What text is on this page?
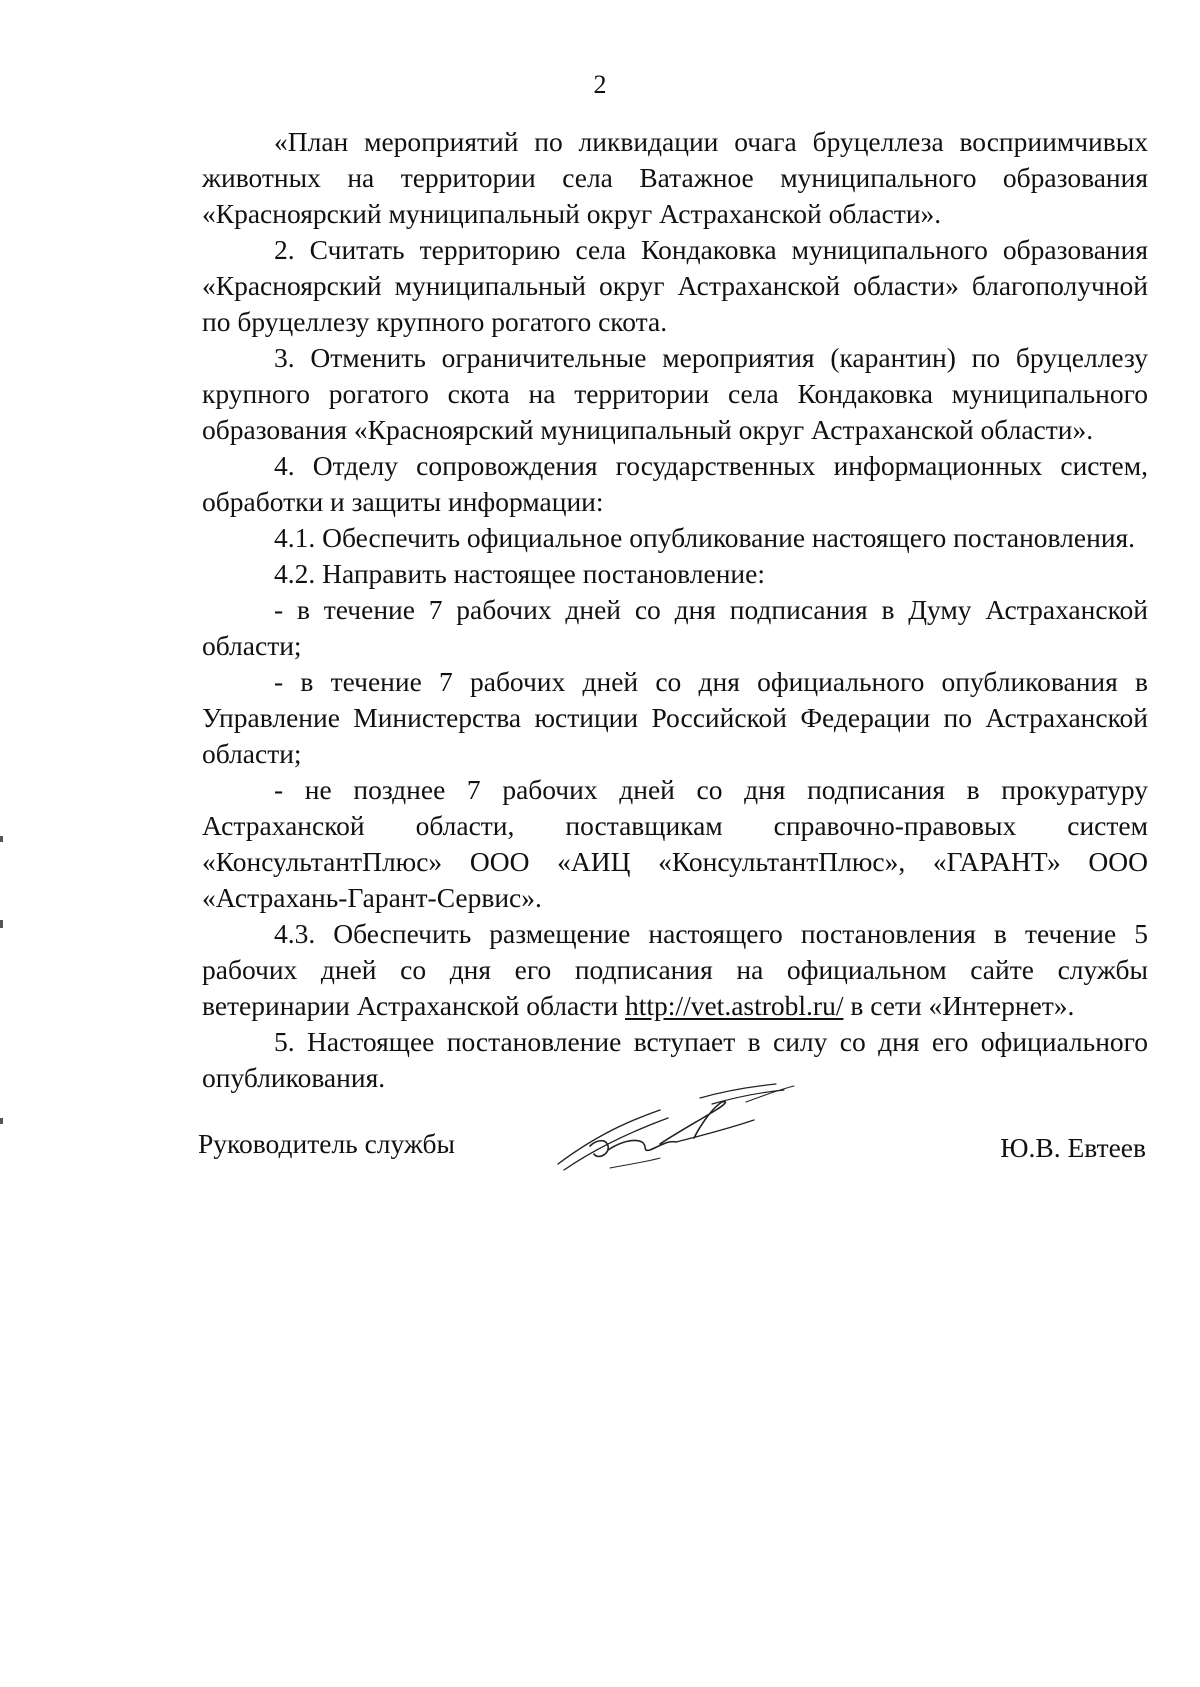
2

«План мероприятий по ликвидации очага бруцеллеза восприимчивых животных на территории села Ватажное муниципального образования «Красноярский муниципальный округ Астраханской области».

2. Считать территорию села Кондаковка муниципального образования «Красноярский муниципальный округ Астраханской области» благополучной по бруцеллезу крупного рогатого скота.

3. Отменить ограничительные мероприятия (карантин) по бруцеллезу крупного рогатого скота на территории села Кондаковка муниципального образования «Красноярский муниципальный округ Астраханской области».

4. Отделу сопровождения государственных информационных систем, обработки и защиты информации:

4.1. Обеспечить официальное опубликование настоящего постановления.

4.2. Направить настоящее постановление:

- в течение 7 рабочих дней со дня подписания в Думу Астраханской области;

- в течение 7 рабочих дней со дня официального опубликования в Управление Министерства юстиции Российской Федерации по Астраханской области;

- не позднее 7 рабочих дней со дня подписания в прокуратуру Астраханской области, поставщикам справочно-правовых систем «КонсультантПлюс» ООО «АИЦ «КонсультантПлюс», «ГАРАНТ» ООО «Астрахань-Гарант-Сервис».

4.3. Обеспечить размещение настоящего постановления в течение 5 рабочих дней со дня его подписания на официальном сайте службы ветеринарии Астраханской области http://vet.astrobl.ru/ в сети «Интернет».

5. Настоящее постановление вступает в силу со дня его официального опубликования.

Руководитель службы	Ю.В. Евтеев
